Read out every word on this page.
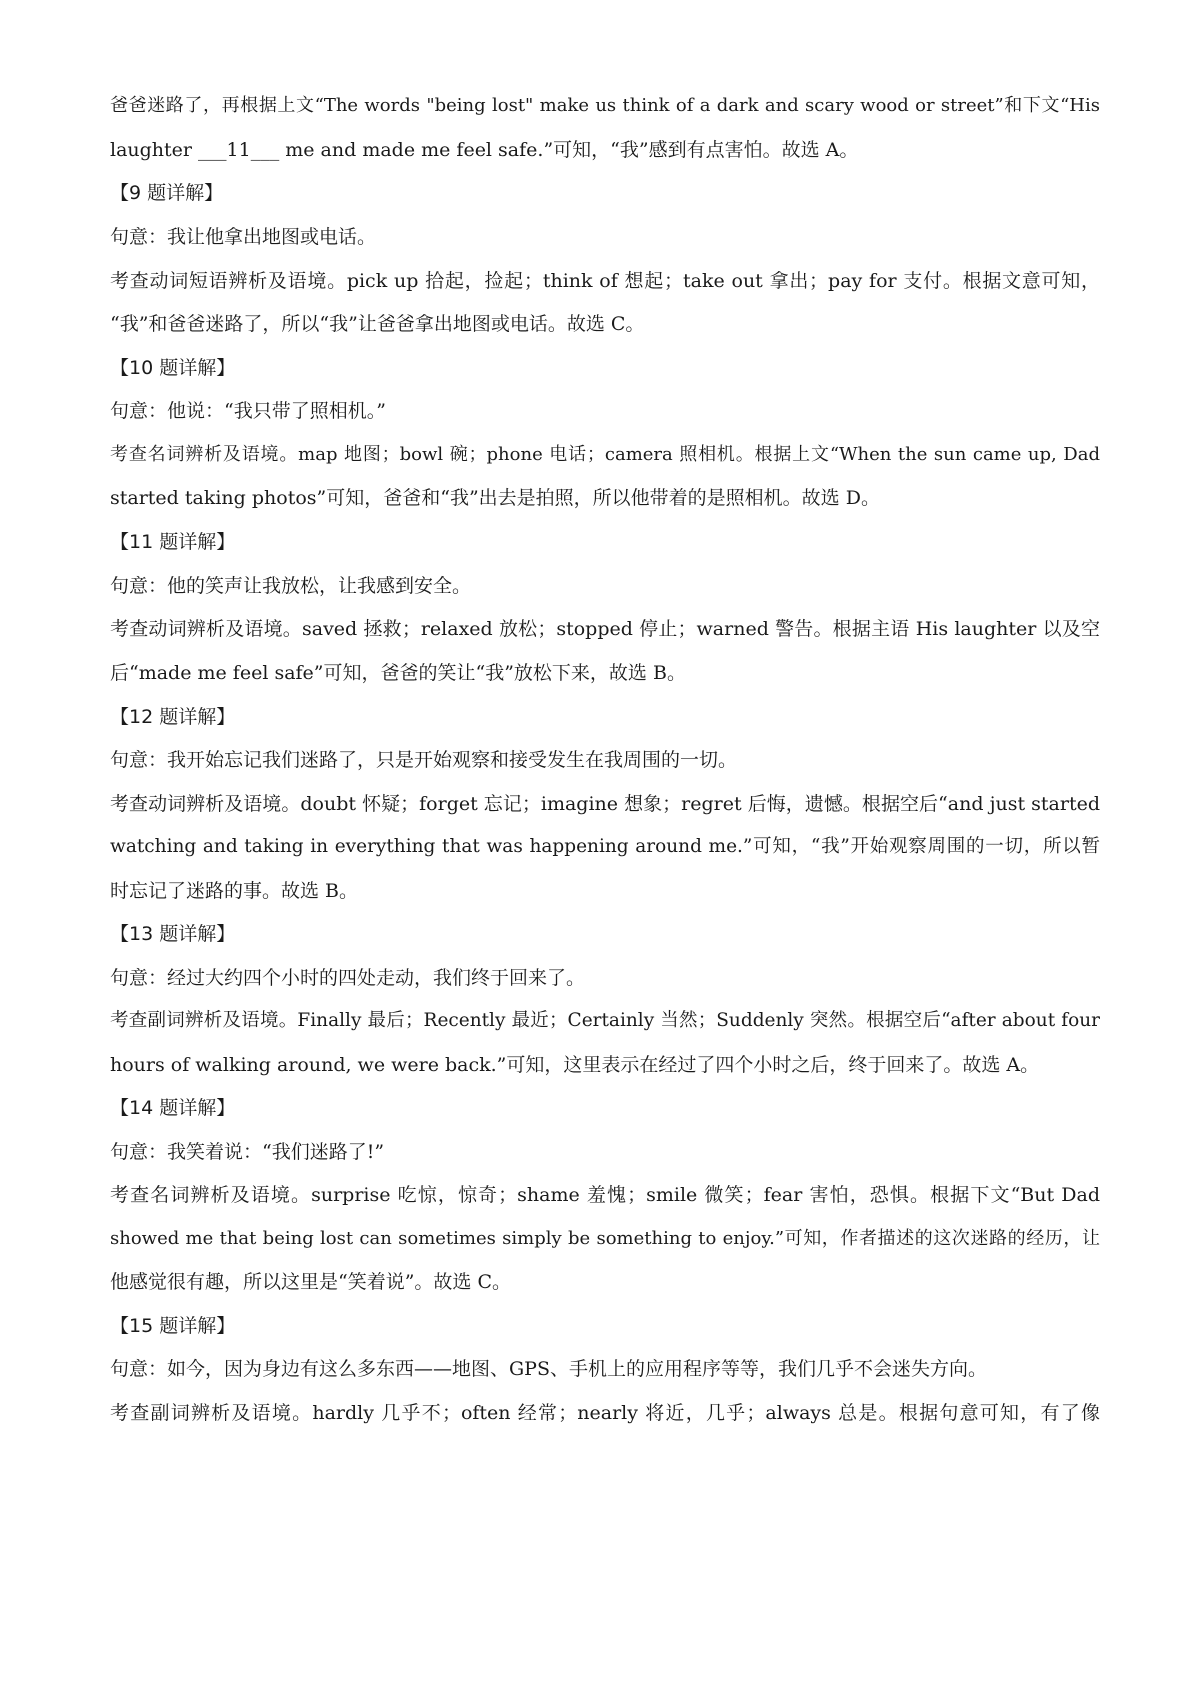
爸爸迷路了，再根据上文“The words "being lost" make us think of a dark and scary wood or street”和下文“His

laughter ___11___ me and made me feel safe.”可知，“我”感到有点害怕。故选 A。

【9 题详解】

句意：我让他拿出地图或电话。

考查动词短语辨析及语境。pick up 拾起，捡起；think of 想起；take out 拿出；pay for 支付。根据文意可知，

“我”和爸爸迷路了，所以“我”让爸爸拿出地图或电话。故选 C。

【10 题详解】

句意：他说：“我只带了照相机。”

考查名词辨析及语境。map 地图；bowl 碗；phone 电话；camera 照相机。根据上文“When the sun came up, Dad

started taking photos”可知，爸爸和“我”出去是拍照，所以他带着的是照相机。故选 D。

【11 题详解】

句意：他的笑声让我放松，让我感到安全。

考查动词辨析及语境。saved 拯救；relaxed 放松；stopped 停止；warned 警告。根据主语 His laughter 以及空

后“made me feel safe”可知，爸爸的笑让“我”放松下来，故选 B。

【12 题详解】

句意：我开始忘记我们迷路了，只是开始观察和接受发生在我周围的一切。

考查动词辨析及语境。doubt 怀疑；forget 忘记；imagine 想象；regret 后悔，遗憾。根据空后“and just started

watching and taking in everything that was happening around me.”可知，“我”开始观察周围的一切，所以暂

时忘记了迷路的事。故选 B。

【13 题详解】

句意：经过大约四个小时的四处走动，我们终于回来了。

考查副词辨析及语境。Finally 最后；Recently 最近；Certainly 当然；Suddenly 突然。根据空后“after about four

hours of walking around, we were back.”可知，这里表示在经过了四个小时之后，终于回来了。故选 A。

【14 题详解】

句意：我笑着说：“我们迷路了!”

考查名词辨析及语境。surprise 吃惊，惊奇；shame 羞愧；smile 微笑；fear 害怕，恐惧。根据下文“But Dad

showed me that being lost can sometimes simply be something to enjoy.”可知，作者描述的这次迷路的经历，让

他感觉很有趣，所以这里是“笑着说”。故选 C。

【15 题详解】

句意：如今，因为身边有这么多东西——地图、GPS、手机上的应用程序等等，我们几乎不会迷失方向。

考查副词辨析及语境。hardly 几乎不；often 经常；nearly 将近，几乎；always 总是。根据句意可知，有了像
